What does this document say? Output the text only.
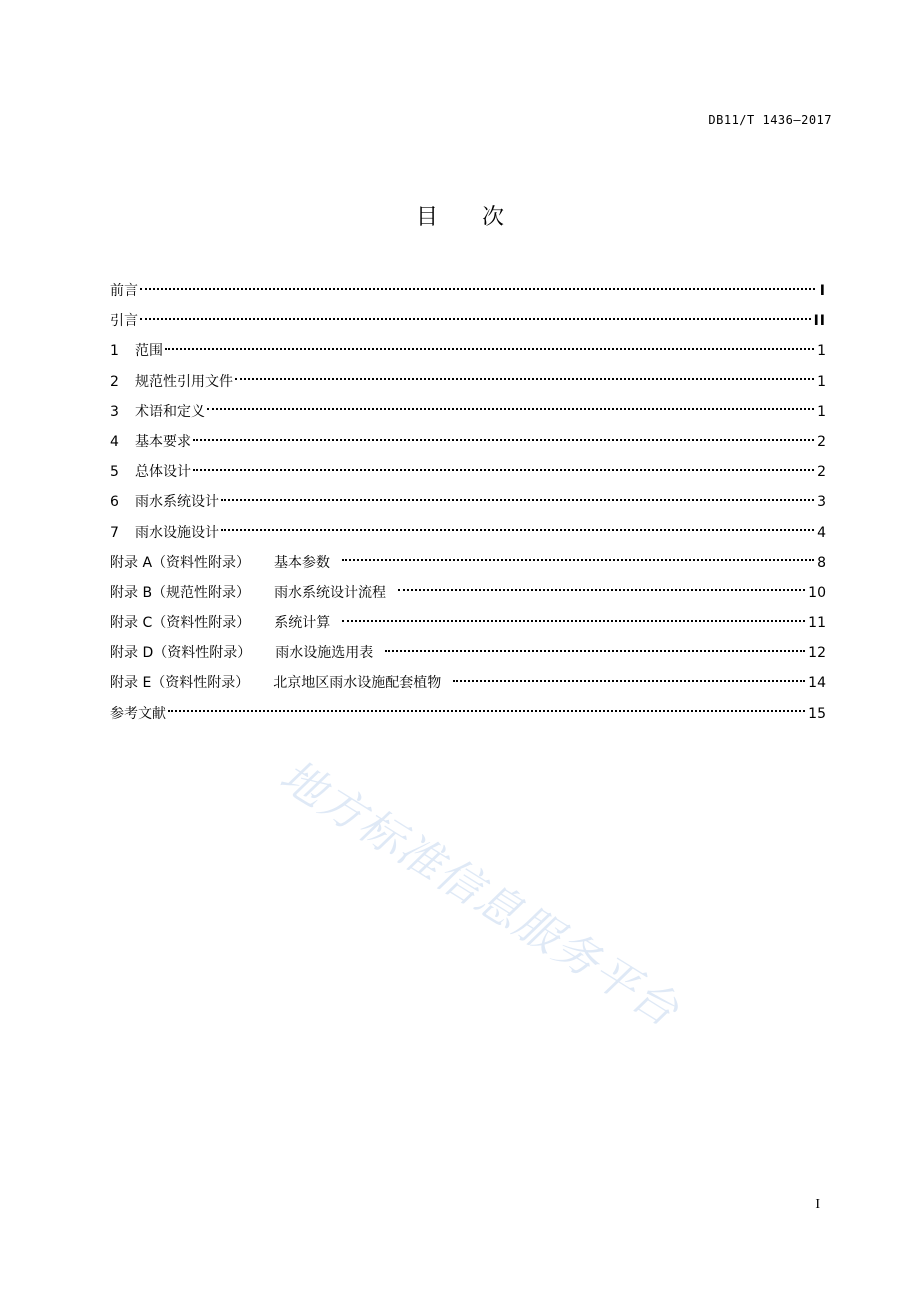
DB11/T 1436—2017
目 次
前言	I
引言	II
1	范围	1
2	规范性引用文件	1
3	术语和定义	1
4	基本要求	2
5	总体设计	2
6	雨水系统设计	3
7	雨水设施设计	4
附录 A（资料性附录） 基本参数	8
附录 B（规范性附录） 雨水系统设计流程	10
附录 C（资料性附录） 系统计算	11
附录 D（资料性附录） 雨水设施选用表	12
附录 E（资料性附录） 北京地区雨水设施配套植物	14
参考文献	15
地方标准信息服务平台
I
